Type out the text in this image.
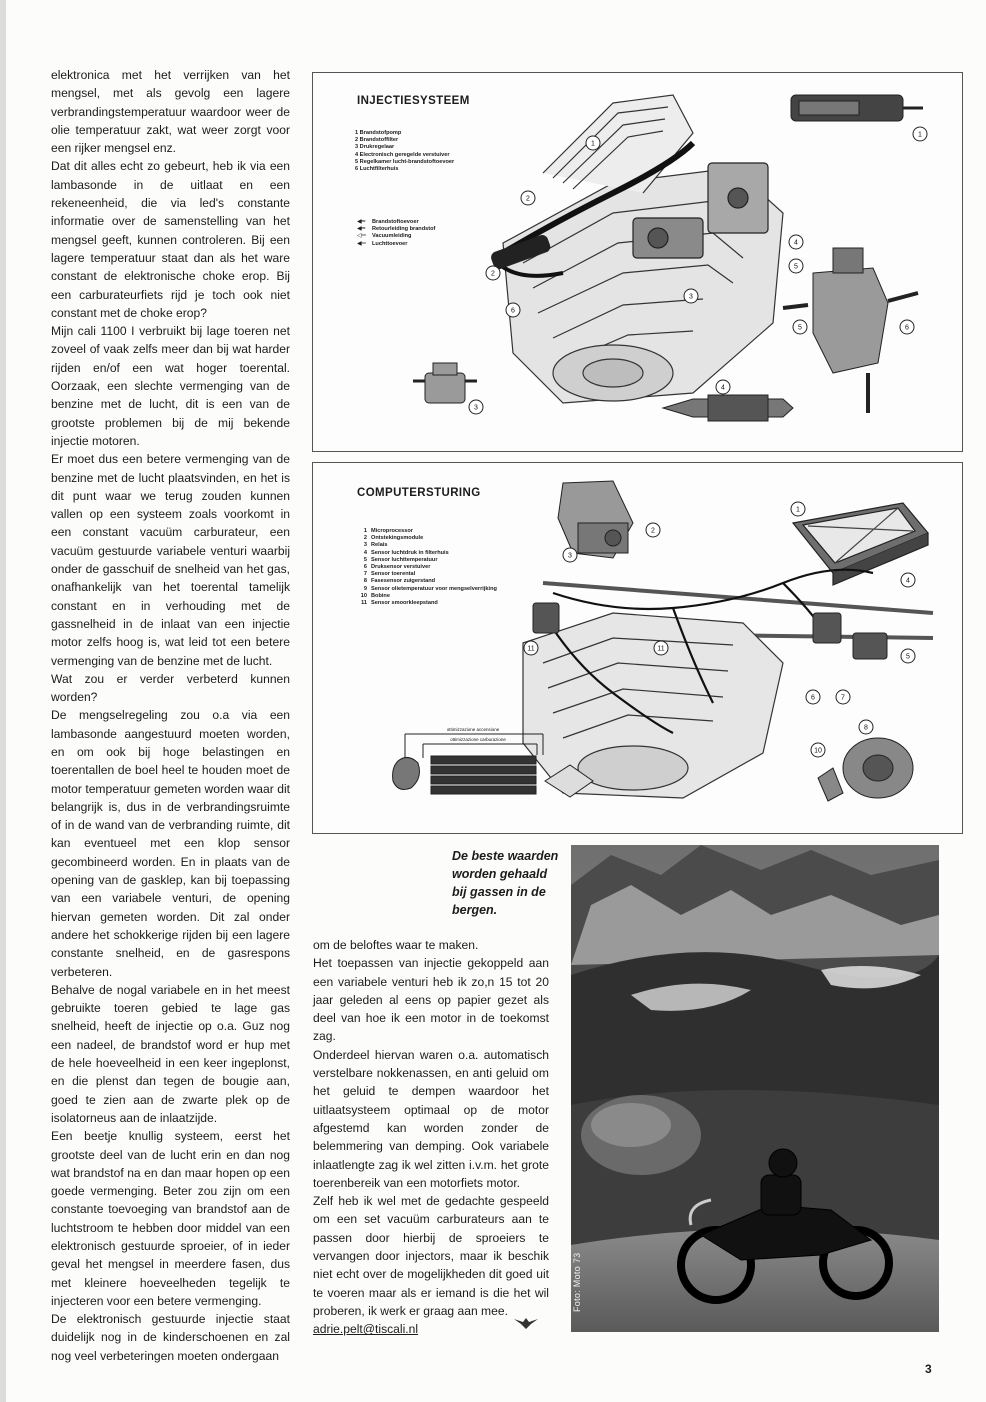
elektronica met het verrijken van het mengsel, met als gevolg een lagere verbrandingstemperatuur waardoor weer de olie temperatuur zakt, wat weer zorgt voor een rijker mengsel enz.

Dat dit alles echt zo gebeurt, heb ik via een lambasonde in de uitlaat en een rekeneenheid, die via led's constante informatie over de samenstelling van het mengsel geeft, kunnen controleren. Bij een lagere temperatuur staat dan als het ware constant de elektronische choke erop. Bij een carburateurfiets rijd je toch ook niet constant met de choke erop?

Mijn cali 1100 I verbruikt bij lage toeren net zoveel of vaak zelfs meer dan bij wat harder rijden en/of een wat hoger toerental. Oorzaak, een slechte vermenging van de benzine met de lucht, dit is een van de grootste problemen bij de mij bekende injectie motoren.

Er moet dus een betere vermenging van de benzine met de lucht plaatsvinden, en het is dit punt waar we terug zouden kunnen vallen op een systeem zoals voorkomt in een constant vacuüm carburateur, een vacuüm gestuurde variabele venturi waarbij onder de gasschuif de snelheid van het gas, onafhankelijk van het toerental tamelijk constant en in verhouding met de gassnelheid in de inlaat van een injectie motor zelfs hoog is, wat leid tot een betere vermenging van de benzine met de lucht.

Wat zou er verder verbeterd kunnen worden?

De mengselregeling zou o.a via een lambasonde aangestuurd moeten worden, en om ook bij hoge belastingen en toerentallen de boel heel te houden moet de motor temperatuur gemeten worden waar dit belangrijk is, dus in de verbrandingsruimte of in de wand van de verbranding ruimte, dit kan eventueel met een klop sensor gecombineerd worden. En in plaats van de opening van de gasklep, kan bij toepassing van een variabele venturi, de opening hiervan gemeten worden. Dit zal onder andere het schokkerige rijden bij een lagere constante snelheid, en de gasrespons verbeteren.

Behalve de nogal variabele en in het meest gebruikte toeren gebied te lage gas snelheid, heeft de injectie op o.a. Guz nog een nadeel, de brandstof word er hup met de hele hoeveelheid in een keer ingeplonst, en die plenst dan tegen de bougie aan, goed te zien aan de zwarte plek op de isolatorneus aan de inlaatzijde.

Een beetje knullig systeem, eerst het grootste deel van de lucht erin en dan nog wat brandstof na en dan maar hopen op een goede vermenging. Beter zou zijn om een constante toevoeging van brandstof aan de luchtstroom te hebben door middel van een elektronisch gestuurde sproeier, of in ieder geval het mengsel in meerdere fasen, dus met kleinere hoeveelheden tegelijk te injecteren voor een betere vermenging.

De elektronisch gestuurde injectie staat duidelijk nog in de kinderschoenen en zal nog veel verbeteringen moeten ondergaan

1
1
2
2
3
3
4
4
5
5	6
6
INJECTIESYSTEEM
1 Brandstofpomp
2 Brandstoffilter
3 Drukregelaar
4 Electronisch geregelde verstuiver
5 Regelkamer lucht-brandstoftoevoer
6 Luchtfilterhuis
◀━	Brandstoftoevoer
◀━	Retourleiding brandstof
◁═	Vacuumleiding
◀═	Luchttoevoer
1
2
3
4
5
6	7
8
10
11	11
ottimizzazione accensione
ottimizzazione carburazione
COMPUTERSTURING
1 Microprocessor
2 Ontstekingsmodule
3 Relais
4 Sensor luchtdruk in filterhuis
5 Sensor luchttemperatuur
6 Druksensor verstuiver
7 Sensor toerental
8 Fasesensor zuigerstand
9 Sensor olietemperatuur voor mengselverrijking
10 Bobine
11 Sensor smoorkleepstand
De beste waarden worden gehaald bij gassen in de bergen.

om de beloftes waar te maken.

Het toepassen van injectie gekoppeld aan een variabele venturi heb ik zo,n 15 tot 20 jaar geleden al eens op papier gezet als deel van hoe ik een motor in de toekomst zag.

Onderdeel hiervan waren o.a. automatisch verstelbare nokkenassen, en anti geluid om het geluid te dempen waardoor het uitlaatsysteem optimaal op de motor afgestemd kan worden zonder de belemmering van demping. Ook variabele inlaatlengte zag ik wel zitten i.v.m. het grote toerenbereik van een motorfiets motor.

Zelf heb ik wel met de gedachte gespeeld om een set vacuüm carburateurs aan te passen door hierbij de sproeiers te vervangen door injectors, maar ik beschik niet echt over de mogelijkheden dit goed uit te voeren maar als er iemand is die het wil proberen, ik werk er graag aan mee.

adrie.pelt@tiscali.nl
Foto: Moto 73
3
